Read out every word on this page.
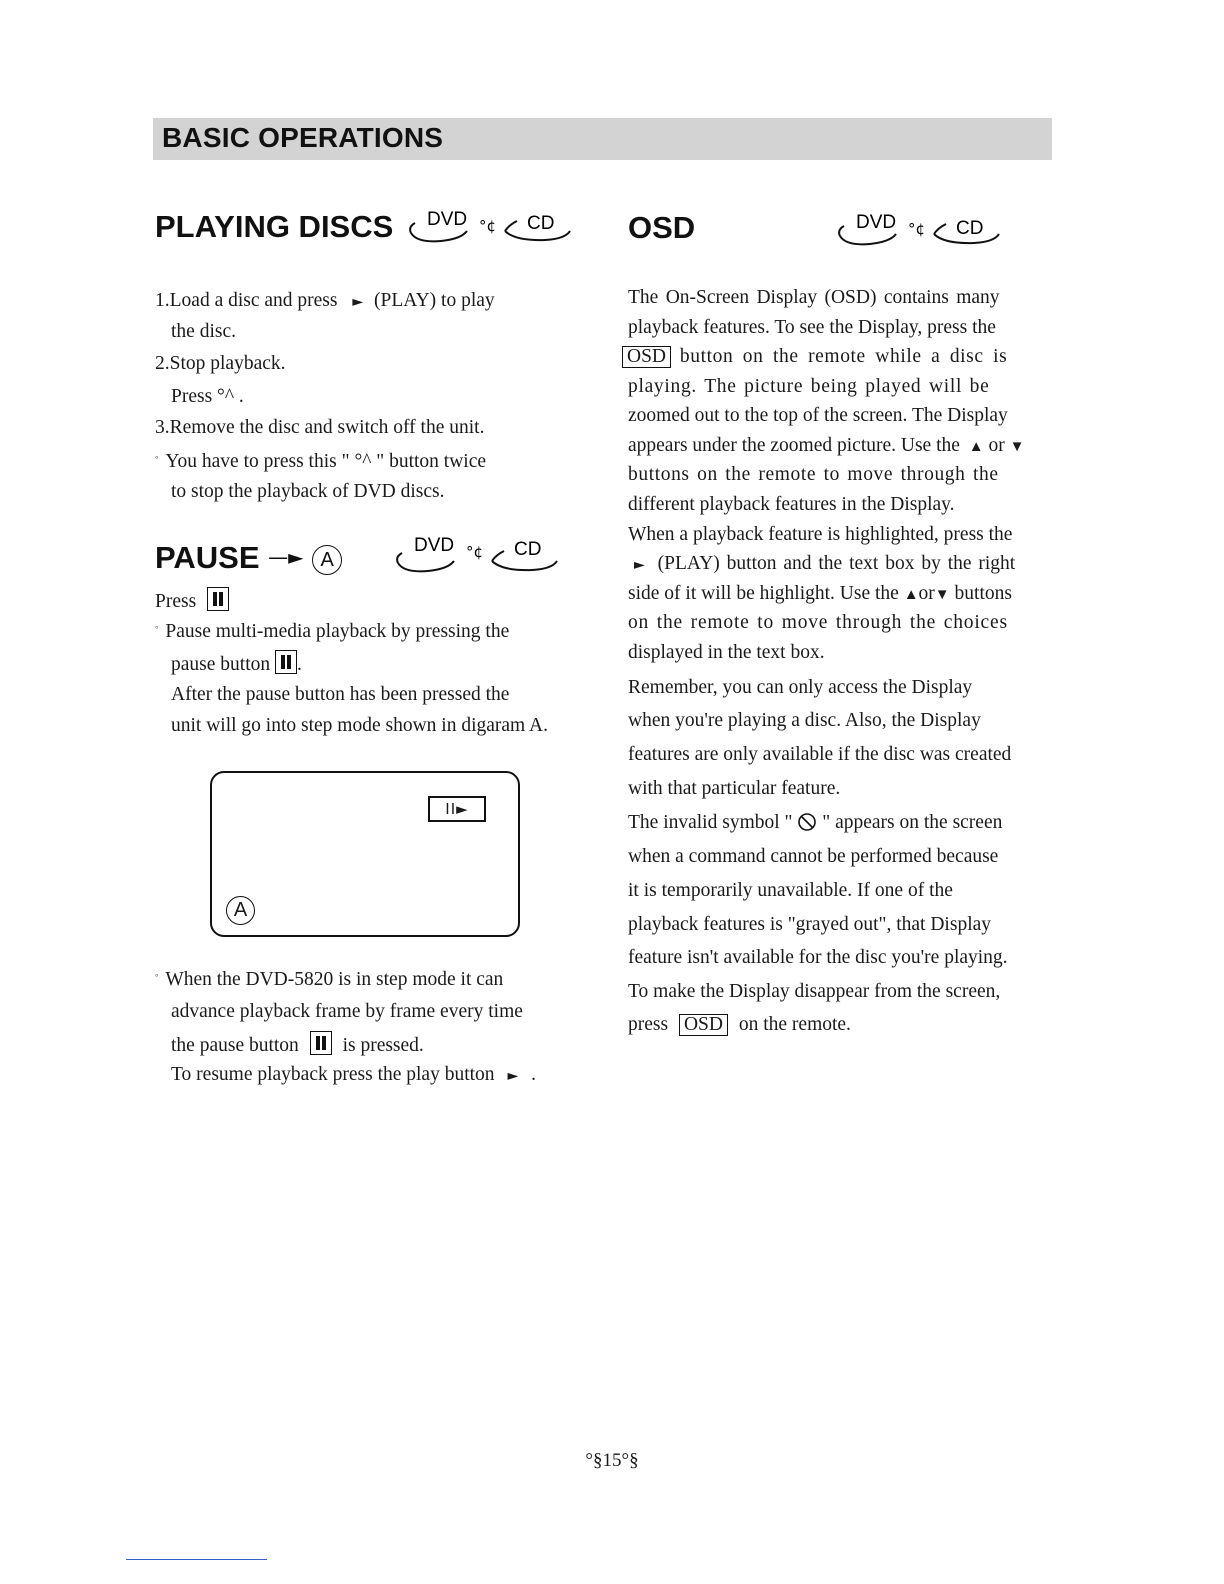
BASIC OPERATIONS
PLAYING DISCS DVD °¢ CD
1.Load a disc and press ► (PLAY) to play
the disc.
2.Stop playback.
Press °^ .
3.Remove the disc and switch off the unit.
ﾟ You have to press this " °^ " button twice
to stop the playback of DVD discs.
PAUSE —► A
DVD °¢ CD
Press
ﾟ Pause multi-media playback by pressing the
pause button .
After the pause button has been pressed the
unit will go into step mode shown in digaram A.
II►
A
ﾟ When the DVD-5820 is in step mode it can
advance playback frame by frame every time
the pause button is pressed.
To resume playback press the play button ► .
OSD	DVD °¢ CD
The On-Screen Display (OSD) contains many
playback features. To see the Display, press the
OSD button on the remote while a disc is
playing. The picture being played will be
zoomed out to the top of the screen. The Display
appears under the zoomed picture. Use the ▲ or ▼
buttons on the remote to move through the
different playback features in the Display.
When a playback feature is highlighted, press the
► (PLAY) button and the text box by the right
side of it will be highlight. Use the ▲or▼ buttons
on the remote to move through the choices
displayed in the text box.
Remember, you can only access the Display
when you're playing a disc. Also, the Display
features are only available if the disc was created
with that particular feature.
The invalid symbol " " appears on the screen
when a command cannot be performed because
it is temporarily unavailable. If one of the
playback features is "grayed out", that Display
feature isn't available for the disc you're playing.
To make the Display disappear from the screen,
press OSD on the remote.
°§15°§
